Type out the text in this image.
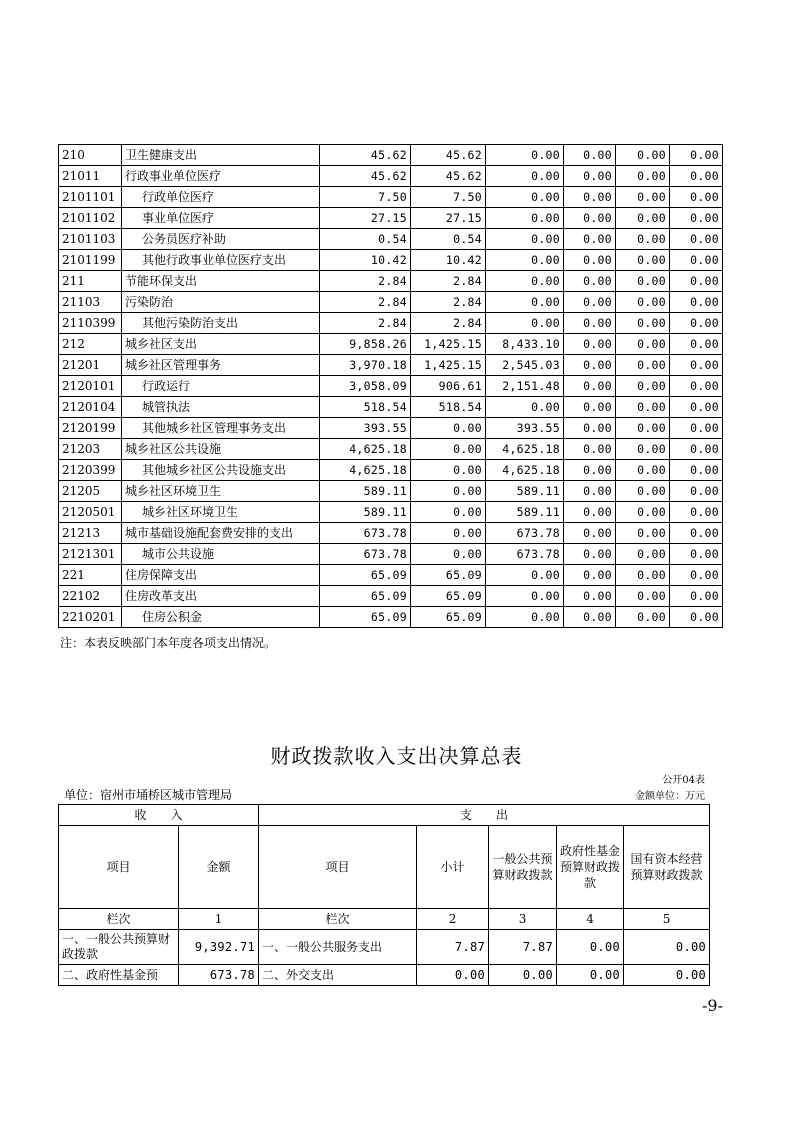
210	卫生健康支出	45.62	45.62	0.00	0.00	0.00	0.00
21011	行政事业单位医疗	45.62	45.62	0.00	0.00	0.00	0.00
2101101	行政单位医疗	7.50	7.50	0.00	0.00	0.00	0.00
2101102	事业单位医疗	27.15	27.15	0.00	0.00	0.00	0.00
2101103	公务员医疗补助	0.54	0.54	0.00	0.00	0.00	0.00
2101199	其他行政事业单位医疗支出	10.42	10.42	0.00	0.00	0.00	0.00
211	节能环保支出	2.84	2.84	0.00	0.00	0.00	0.00
21103	污染防治	2.84	2.84	0.00	0.00	0.00	0.00
2110399	其他污染防治支出	2.84	2.84	0.00	0.00	0.00	0.00
212	城乡社区支出	9,858.26	1,425.15	8,433.10	0.00	0.00	0.00
21201	城乡社区管理事务	3,970.18	1,425.15	2,545.03	0.00	0.00	0.00
2120101	行政运行	3,058.09	906.61	2,151.48	0.00	0.00	0.00
2120104	城管执法	518.54	518.54	0.00	0.00	0.00	0.00
2120199	其他城乡社区管理事务支出	393.55	0.00	393.55	0.00	0.00	0.00
21203	城乡社区公共设施	4,625.18	0.00	4,625.18	0.00	0.00	0.00
2120399	其他城乡社区公共设施支出	4,625.18	0.00	4,625.18	0.00	0.00	0.00
21205	城乡社区环境卫生	589.11	0.00	589.11	0.00	0.00	0.00
2120501	城乡社区环境卫生	589.11	0.00	589.11	0.00	0.00	0.00
21213	城市基础设施配套费安排的支出	673.78	0.00	673.78	0.00	0.00	0.00
2121301	城市公共设施	673.78	0.00	673.78	0.00	0.00	0.00
221	住房保障支出	65.09	65.09	0.00	0.00	0.00	0.00
22102	住房改革支出	65.09	65.09	0.00	0.00	0.00	0.00
2210201	住房公积金	65.09	65.09	0.00	0.00	0.00	0.00
注：本表反映部门本年度各项支出情况。
财政拨款收入支出决算总表
公开04表
单位：宿州市埇桥区城市管理局	金额单位：万元
收　　入		支　　出				
项目	金额	项目	小计	一般公共预算财政拨款	政府性基金预算财政拨款	国有资本经营预算财政拨款
栏次	1	栏次	2	3	4	5
一、一般公共预算财政拨款	9,392.71	一、一般公共服务支出	7.87	7.87	0.00	0.00
二、政府性基金预	673.78	二、外交支出	0.00	0.00	0.00	0.00
-9-
